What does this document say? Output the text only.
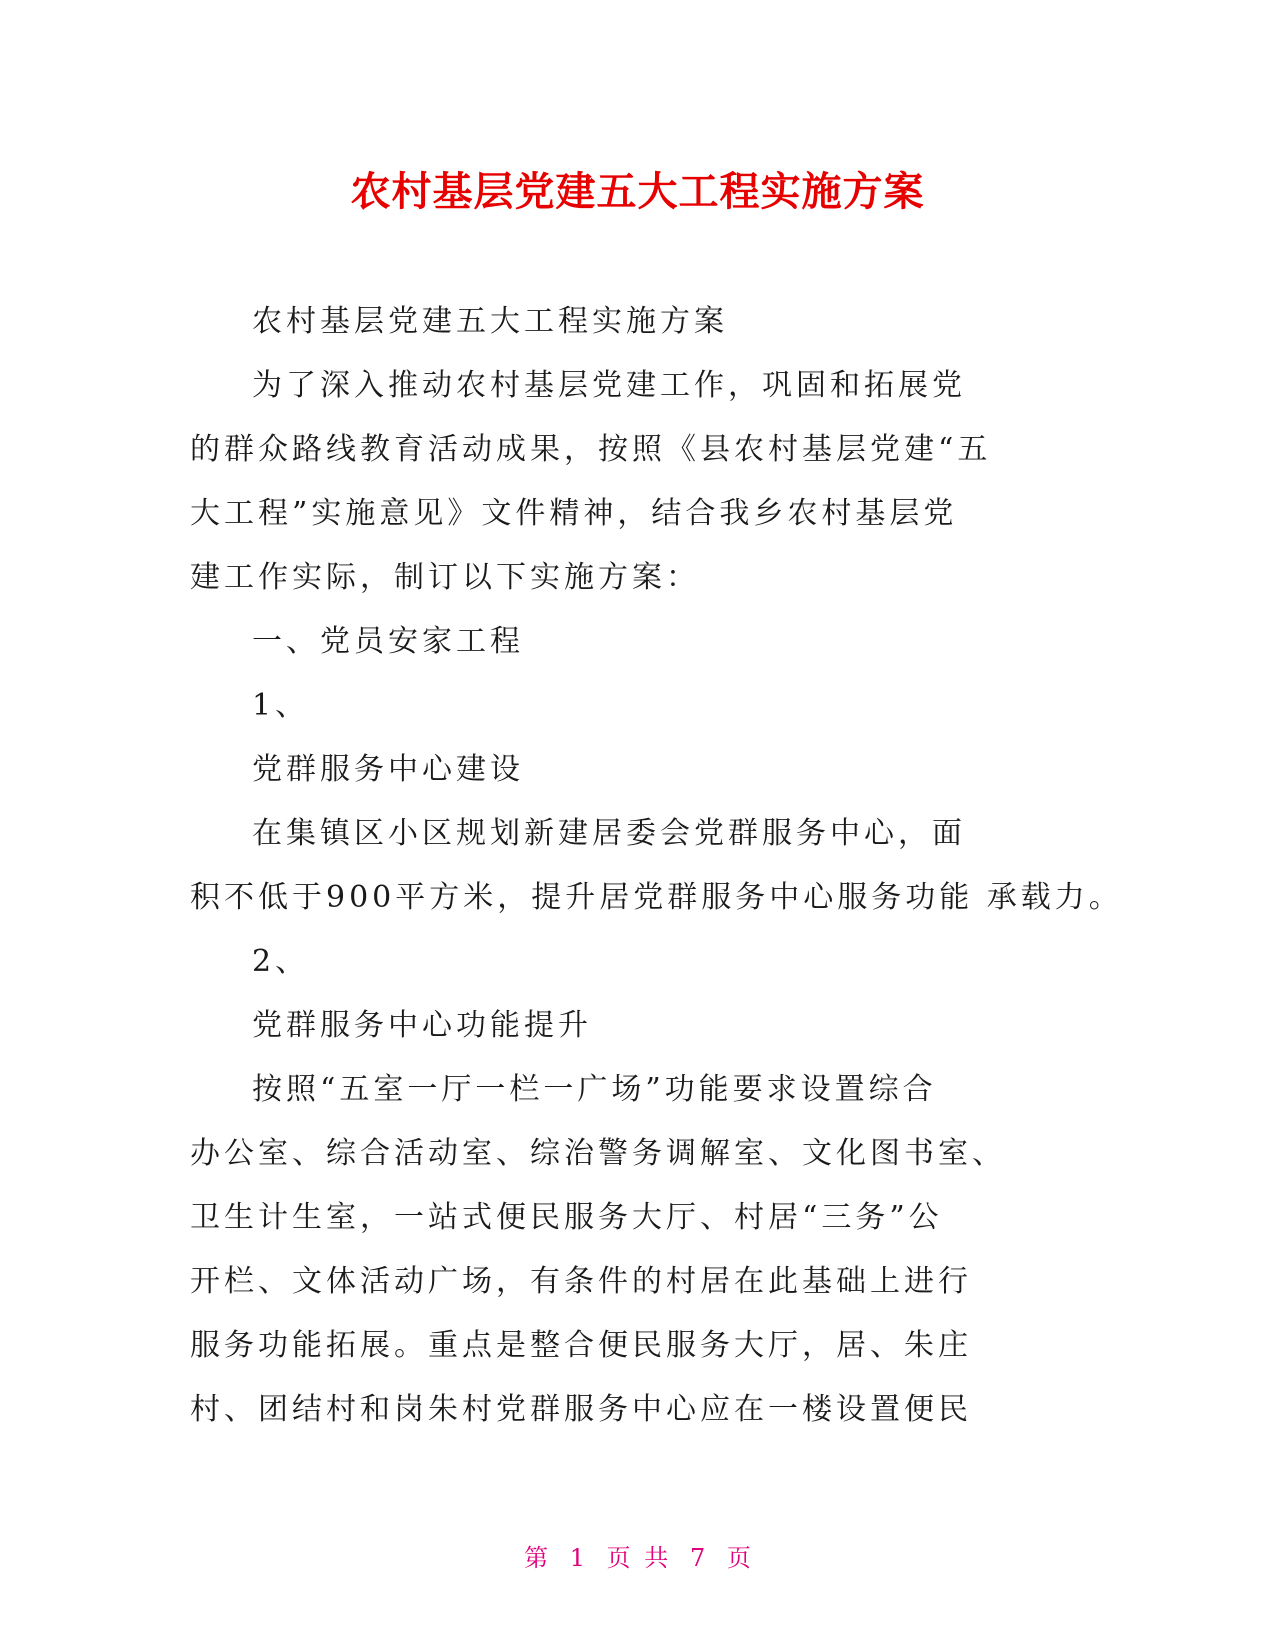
农村基层党建五大工程实施方案
农村基层党建五大工程实施方案
为了深入推动农村基层党建工作，巩固和拓展党
的群众路线教育活动成果，按照《县农村基层党建“五
大工程”实施意见》文件精神，结合我乡农村基层党
建工作实际，制订以下实施方案：
一、党员安家工程
1、
党群服务中心建设
在集镇区小区规划新建居委会党群服务中心，面
积不低于900平方米，提升居党群服务中心服务功能 承载力。
2、
党群服务中心功能提升
按照“五室一厅一栏一广场”功能要求设置综合
办公室、综合活动室、综治警务调解室、文化图书室、
卫生计生室，一站式便民服务大厅、村居“三务”公
开栏、文体活动广场，有条件的村居在此基础上进行
服务功能拓展。重点是整合便民服务大厅，居、朱庄
村、团结村和岗朱村党群服务中心应在一楼设置便民
第 1 页 共 7 页
